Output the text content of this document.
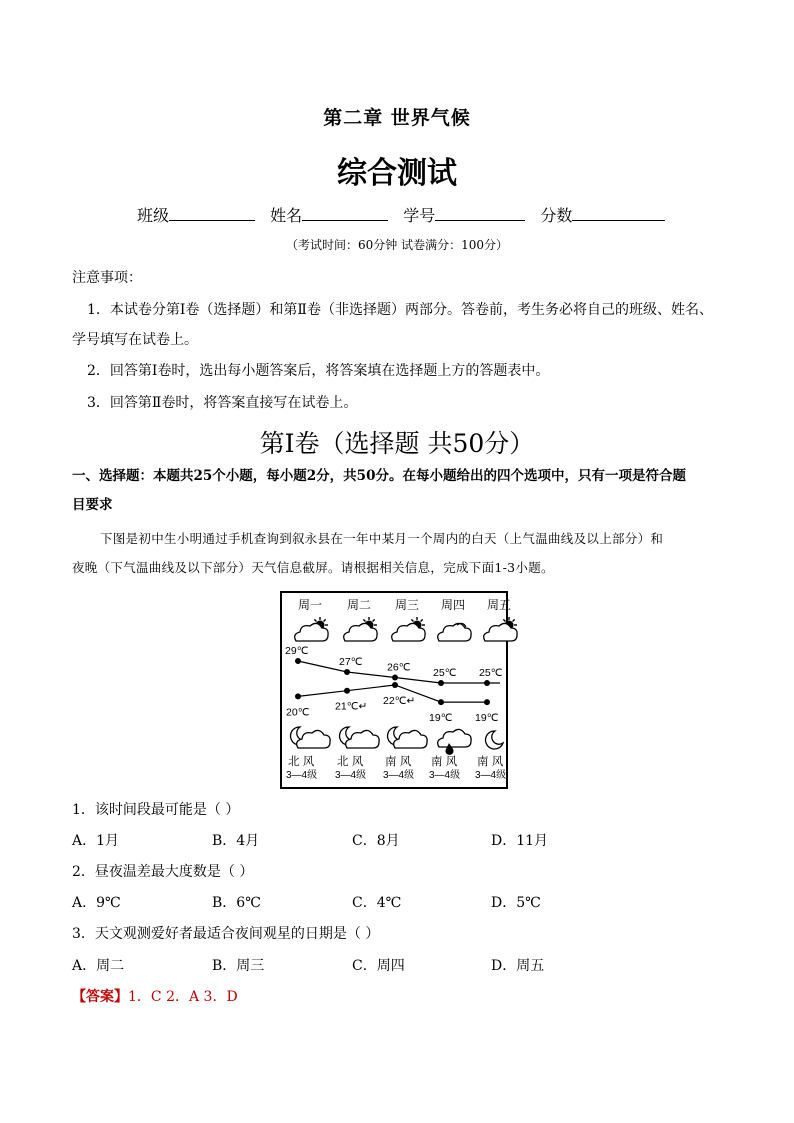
第二章 世界气候
综合测试
班级	姓名	学号	分数
（考试时间：60分钟 试卷满分：100分）
注意事项：
1．本试卷分第Ⅰ卷（选择题）和第Ⅱ卷（非选择题）两部分。答卷前，考生务必将自己的班级、姓名、
学号填写在试卷上。
2．回答第Ⅰ卷时，选出每小题答案后，将答案填在选择题上方的答题表中。
3．回答第Ⅱ卷时，将答案直接写在试卷上。
第Ⅰ卷（选择题 共50分）
一、选择题：本题共25个小题，每小题2分，共50分。在每小题给出的四个选项中，只有一项是符合题
目要求
下图是初中生小明通过手机查询到叙永县在一年中某月一个周内的白天（上气温曲线及以上部分）和
夜晚（下气温曲线及以下部分）天气信息截屏。请根据相关信息，完成下面1-3小题。
周一 周二 周三 周四 周五
29℃
27℃ 26℃ 25℃ 25℃
20℃ 21℃↵ 22℃↵
19℃ 19℃
北 风
3—4级
北 风
3—4级
南 风
3—4级
南 风
3—4级
南 风
3—4级
1．该时间段最可能是（ ）
A．1月	B．4月	C．8月	D．11月
2．昼夜温差最大度数是（ ）
A．9℃	B．6℃	C．4℃	D．5℃
3．天文观测爱好者最适合夜间观星的日期是（ ）
A．周二	B．周三	C．周四	D．周五
【答案】1．C 2．A 3．D
